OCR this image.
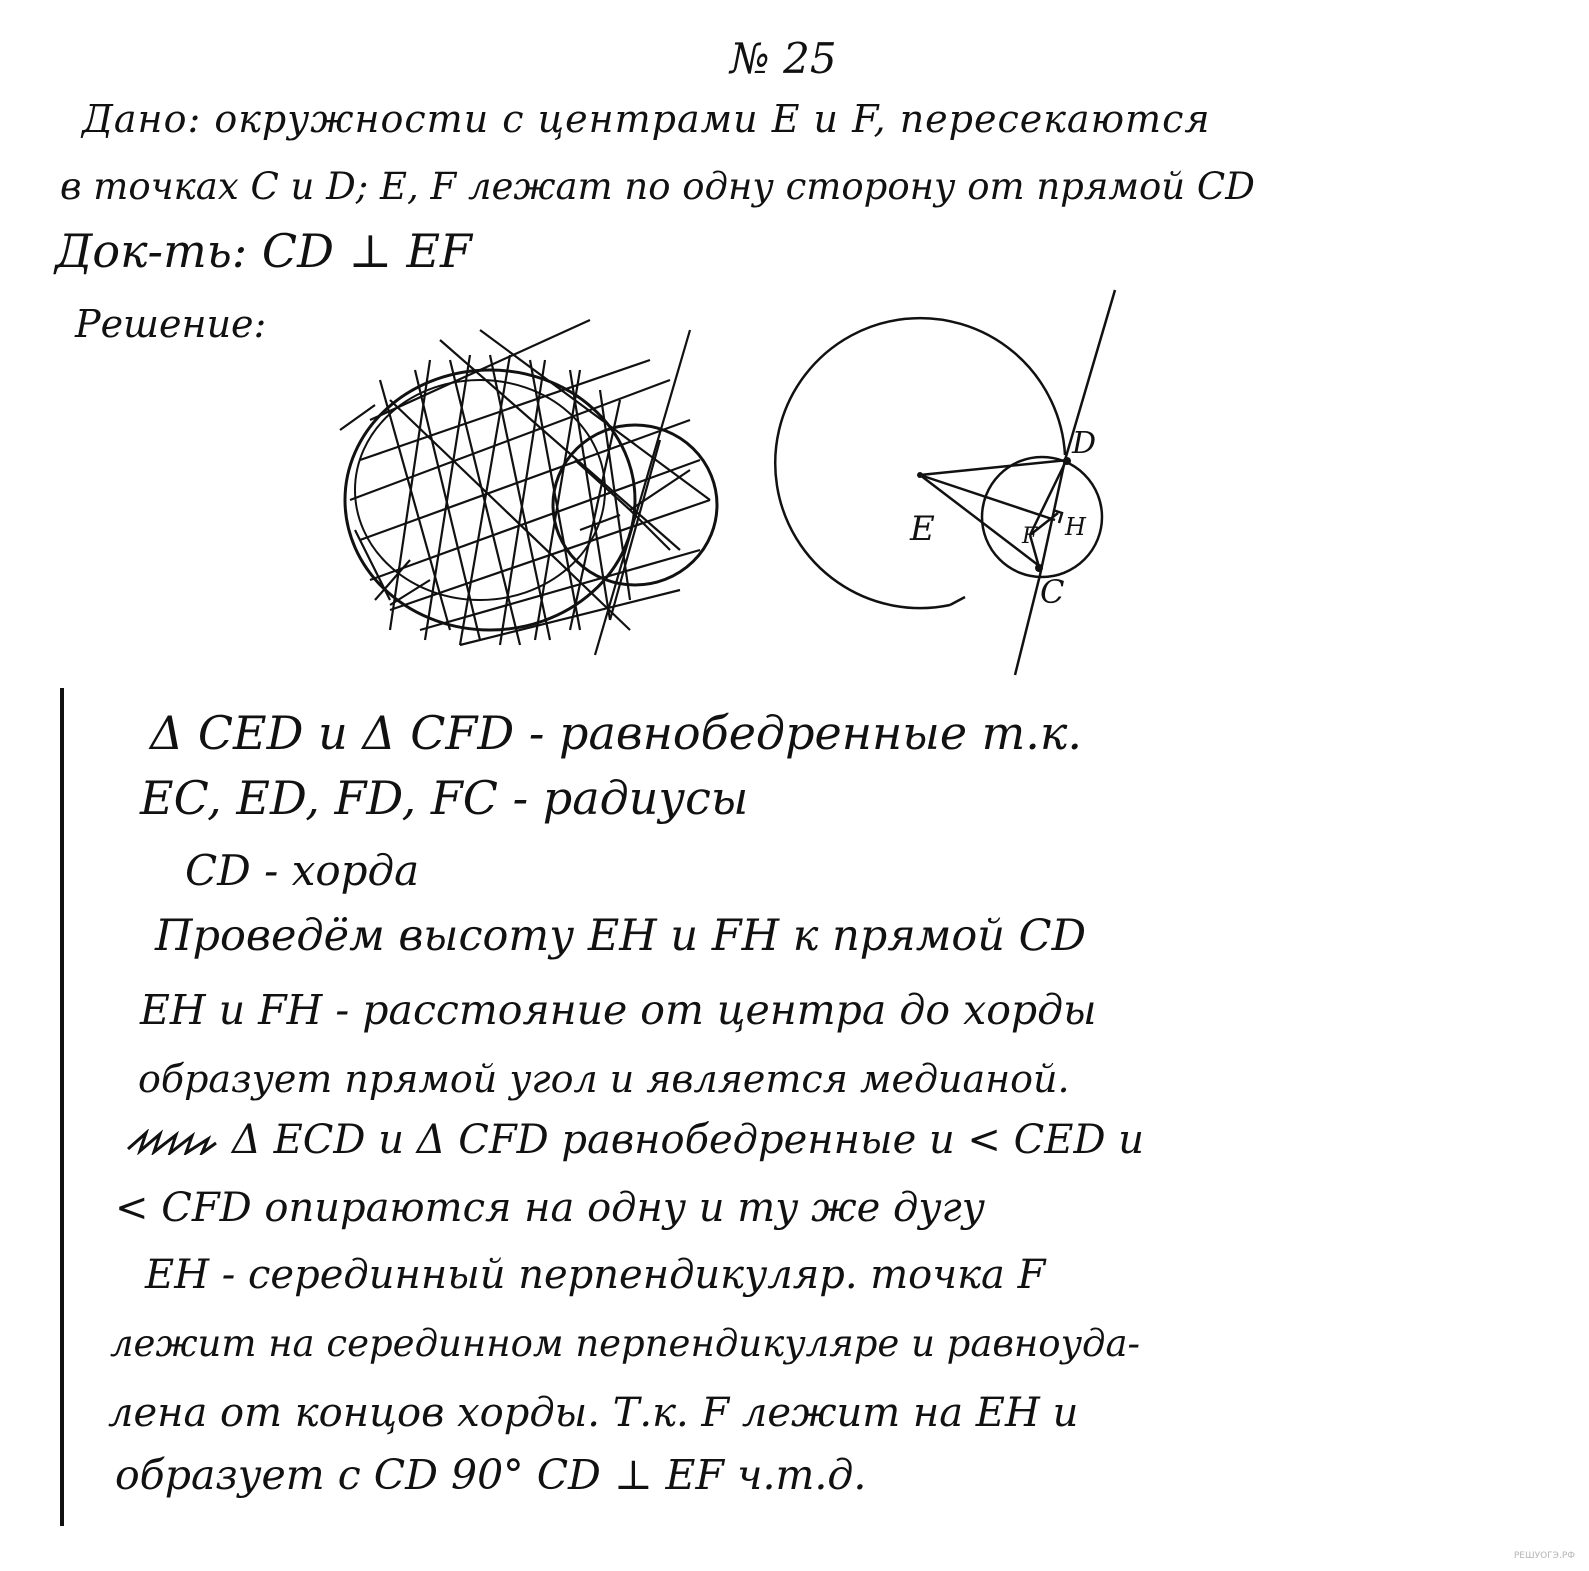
№ 25
Дано: окружности с центрами E и F, пересекаются
в точках C и D; E, F лежат по одну сторону от прямой CD
Док-ть: CD ⊥ EF
Решение:
D
E	F H
C
Δ CED и Δ CFD - равнобедренные т.к.
EC, ED, FD, FC - радиусы
CD - хорда
Проведём высоту EH и FH к прямой CD
EH и FH - расстояние от центра до хорды
образует прямой угол и является медианой.
Δ ECD и Δ CFD равнобедренные и < CED и
< CFD опираются на одну и ту же дугу
EH - серединный перпендикуляр. точка F
лежит на серединном перпендикуляре и равноуда-
лена от концов хорды. Т.к. F лежит на EH и
образует с CD 90° CD ⊥ EF ч.т.д.
РЕШУОГЭ.РФ
